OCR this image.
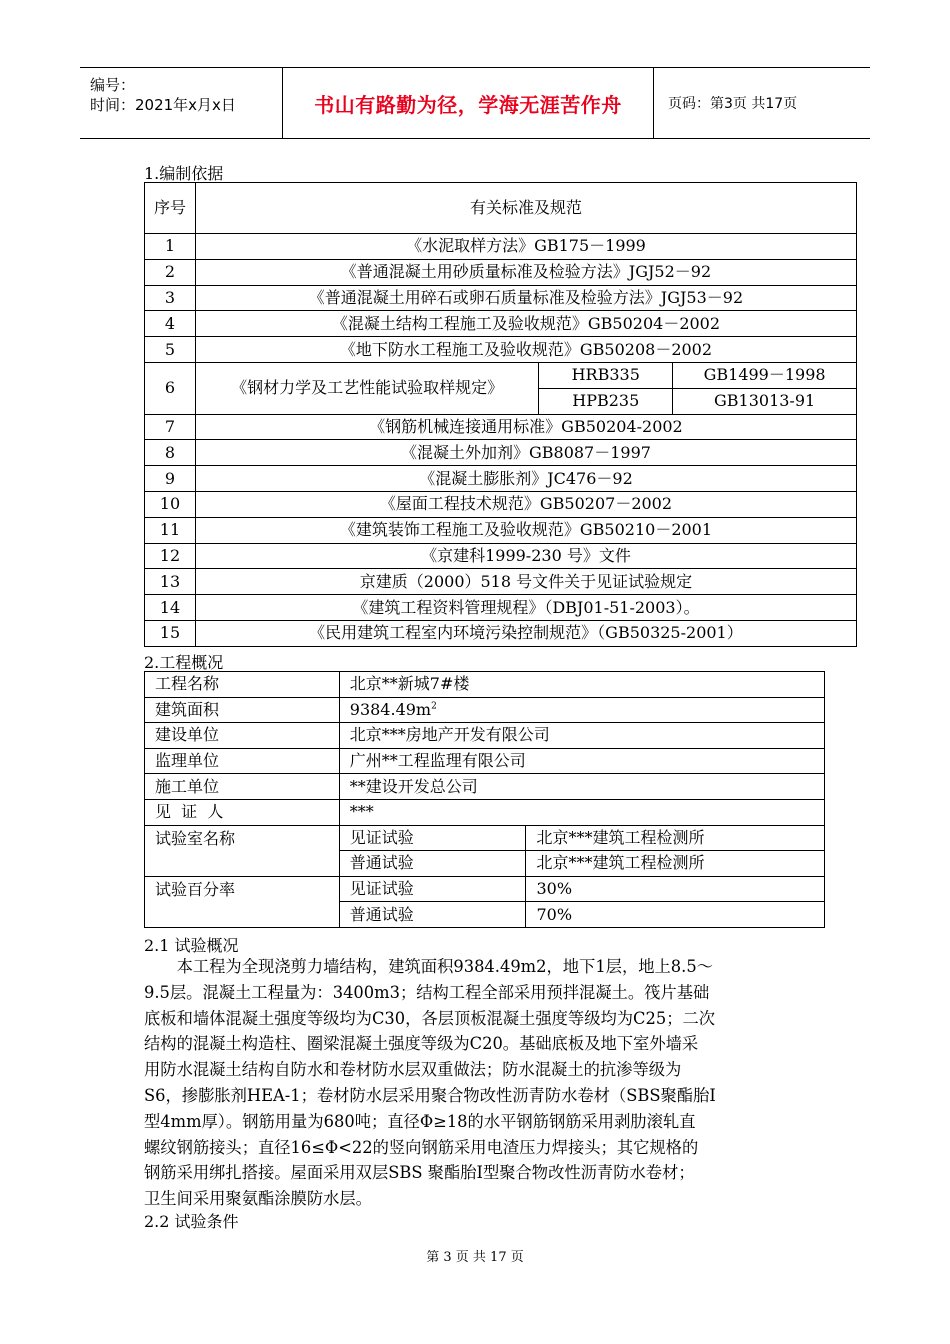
编号：
时间：2021年x月x日	书山有路勤为径，学海无涯苦作舟	页码：第3页 共17页
1.编制依据
序号	有关标准及规范		
1	《水泥取样方法》GB175－1999		
2	《普通混凝土用砂质量标准及检验方法》JGJ52－92		
3	《普通混凝土用碎石或卵石质量标准及检验方法》JGJ53－92		
4	《混凝土结构工程施工及验收规范》GB50204－2002		
5	《地下防水工程施工及验收规范》GB50208－2002		
6	《钢材力学及工艺性能试验取样规定》	HRB335	GB1499－1998
		HPB235	GB13013-91
7	《钢筋机械连接通用标准》GB50204-2002		
8	《混凝土外加剂》GB8087－1997		
9	《混凝土膨胀剂》JC476－92		
10	《屋面工程技术规范》GB50207－2002		
11	《建筑装饰工程施工及验收规范》GB50210－2001		
12	《京建科1999-230 号》文件		
13	京建质（2000）518 号文件关于见证试验规定		
14	《建筑工程资料管理规程》（DBJ01-51-2003）。		
15	《民用建筑工程室内环境污染控制规范》（GB50325-2001）		
2.工程概况
工程名称	北京**新城7#楼	
建筑面积	$9384.49m^2$
建设单位	北京***房地产开发有限公司	
监理单位	广州**工程监理有限公司	
施工单位	**建设开发总公司	
见  证  人	***	
试验室名称	见证试验	北京***建筑工程检测所
	普通试验	北京***建筑工程检测所
试验百分率	见证试验	30%
	普通试验	70%
2.1 试验概况
　　本工程为全现浇剪力墙结构，建筑面积9384.49m2，地下1层，地上8.5～
9.5层。混凝土工程量为：3400m3；结构工程全部采用预拌混凝土。筏片基础
底板和墙体混凝土强度等级均为C30，各层顶板混凝土强度等级均为C25；二次
结构的混凝土构造柱、圈梁混凝土强度等级为C20。基础底板及地下室外墙采
用防水混凝土结构自防水和卷材防水层双重做法；防水混凝土的抗渗等级为
S6，掺膨胀剂HEA-1；卷材防水层采用聚合物改性沥青防水卷材（SBS聚酯胎Ⅰ
型4mm厚）。钢筋用量为680吨；直径Φ≥18的水平钢筋钢筋采用剥肋滚轧直
螺纹钢筋接头；直径16≤Φ<22的竖向钢筋采用电渣压力焊接头；其它规格的
钢筋采用绑扎搭接。屋面采用双层SBS 聚酯胎Ⅰ型聚合物改性沥青防水卷材；
卫生间采用聚氨酯涂膜防水层。
2.2 试验条件
第 3 页 共 17 页
